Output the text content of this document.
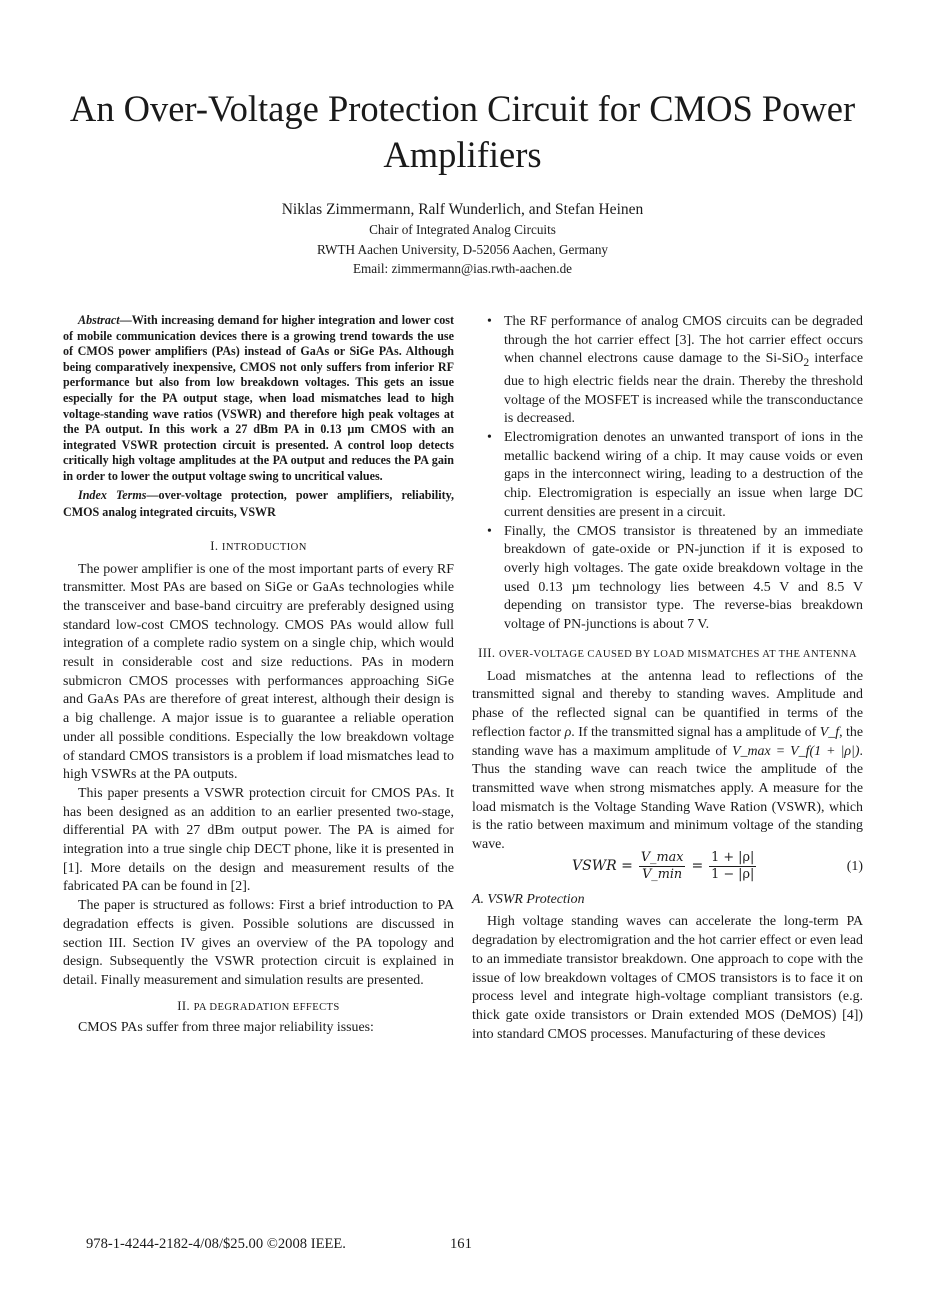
An Over-Voltage Protection Circuit for CMOS Power Amplifiers
Niklas Zimmermann, Ralf Wunderlich, and Stefan Heinen
Chair of Integrated Analog Circuits
RWTH Aachen University, D-52056 Aachen, Germany
Email: zimmermann@ias.rwth-aachen.de

Abstract—With increasing demand for higher integration and lower cost of mobile communication devices there is a growing trend towards the use of CMOS power amplifiers (PAs) instead of GaAs or SiGe PAs. Although being comparatively inexpensive, CMOS not only suffers from inferior RF performance but also from low breakdown voltages. This gets an issue especially for the PA output stage, when load mismatches lead to high voltage-standing wave ratios (VSWR) and therefore high peak voltages at the PA output. In this work a 27 dBm PA in 0.13 µm CMOS with an integrated VSWR protection circuit is presented. A control loop detects critically high voltage amplitudes at the PA output and reduces the PA gain in order to lower the output voltage swing to uncritical values.

Index Terms—over-voltage protection, power amplifiers, reliability, CMOS analog integrated circuits, VSWR

I. INTRODUCTION

The power amplifier is one of the most important parts of every RF transmitter. Most PAs are based on SiGe or GaAs technologies while the transceiver and base-band circuitry are preferably designed using standard low-cost CMOS technology. CMOS PAs would allow full integration of a complete radio system on a single chip, which would result in considerable cost and size reductions. PAs in modern submicron CMOS processes with performances approaching SiGe and GaAs PAs are therefore of great interest, although their design is a big challenge. A major issue is to guarantee a reliable operation under all possible conditions. Especially the low breakdown voltage of standard CMOS transistors is a problem if load mismatches lead to high VSWRs at the PA outputs.

This paper presents a VSWR protection circuit for CMOS PAs. It has been designed as an addition to an earlier presented two-stage, differential PA with 27 dBm output power. The PA is aimed for integration into a true single chip DECT phone, like it is presented in [1]. More details on the design and measurement results of the fabricated PA can be found in [2].

The paper is structured as follows: First a brief introduction to PA degradation effects is given. Possible solutions are discussed in section III. Section IV gives an overview of the PA topology and design. Subsequently the VSWR protection circuit is explained in detail. Finally measurement and simulation results are presented.

II. PA DEGRADATION EFFECTS

CMOS PAs suffer from three major reliability issues:

• The RF performance of analog CMOS circuits can be degraded through the hot carrier effect [3]. The hot carrier effect occurs when channel electrons cause damage to the Si-SiO$_2$ interface due to high electric fields near the drain. Thereby the threshold voltage of the MOSFET is increased while the transconductance is decreased.
• Electromigration denotes an unwanted transport of ions in the metallic backend wiring of a chip. It may cause voids or even gaps in the interconnect wiring, leading to a destruction of the chip. Electromigration is especially an issue when large DC current densities are present in a circuit.
• Finally, the CMOS transistor is threatened by an immediate breakdown of gate-oxide or PN-junction if it is exposed to overly high voltages. The gate oxide breakdown voltage in the used 0.13 µm technology lies between 4.5 V and 8.5 V depending on transistor type. The reverse-bias breakdown voltage of PN-junctions is about 7 V.
III. OVER-VOLTAGE CAUSED BY LOAD MISMATCHES AT THE ANTENNA

Load mismatches at the antenna lead to reflections of the transmitted signal and thereby to standing waves. Amplitude and phase of the reflected signal can be quantified in terms of the reflection factor ρ. If the transmitted signal has a amplitude of V_f, the standing wave has a maximum amplitude of V_max = V_f(1 + |ρ|). Thus the standing wave can reach twice the amplitude of the transmitted wave when strong mismatches apply. A measure for the load mismatch is the Voltage Standing Wave Ration (VSWR), which is the ratio between maximum and minimum voltage of the standing wave.

VSWR = $\frac{V\_\max}{V\_\min} = \frac{1 + |\rho|}{1 - |\rho|}$	(1)

A. VSWR Protection

High voltage standing waves can accelerate the long-term PA degradation by electromigration and the hot carrier effect or even lead to an immediate transistor breakdown. One approach to cope with the issue of low breakdown voltages of CMOS transistors is to face it on process level and integrate high-voltage compliant transistors (e.g. thick gate oxide transistors or Drain extended MOS (DeMOS) [4]) into standard CMOS processes. Manufacturing of these devices

978-1-4244-2182-4/08/$25.00 ©2008 IEEE.	161
